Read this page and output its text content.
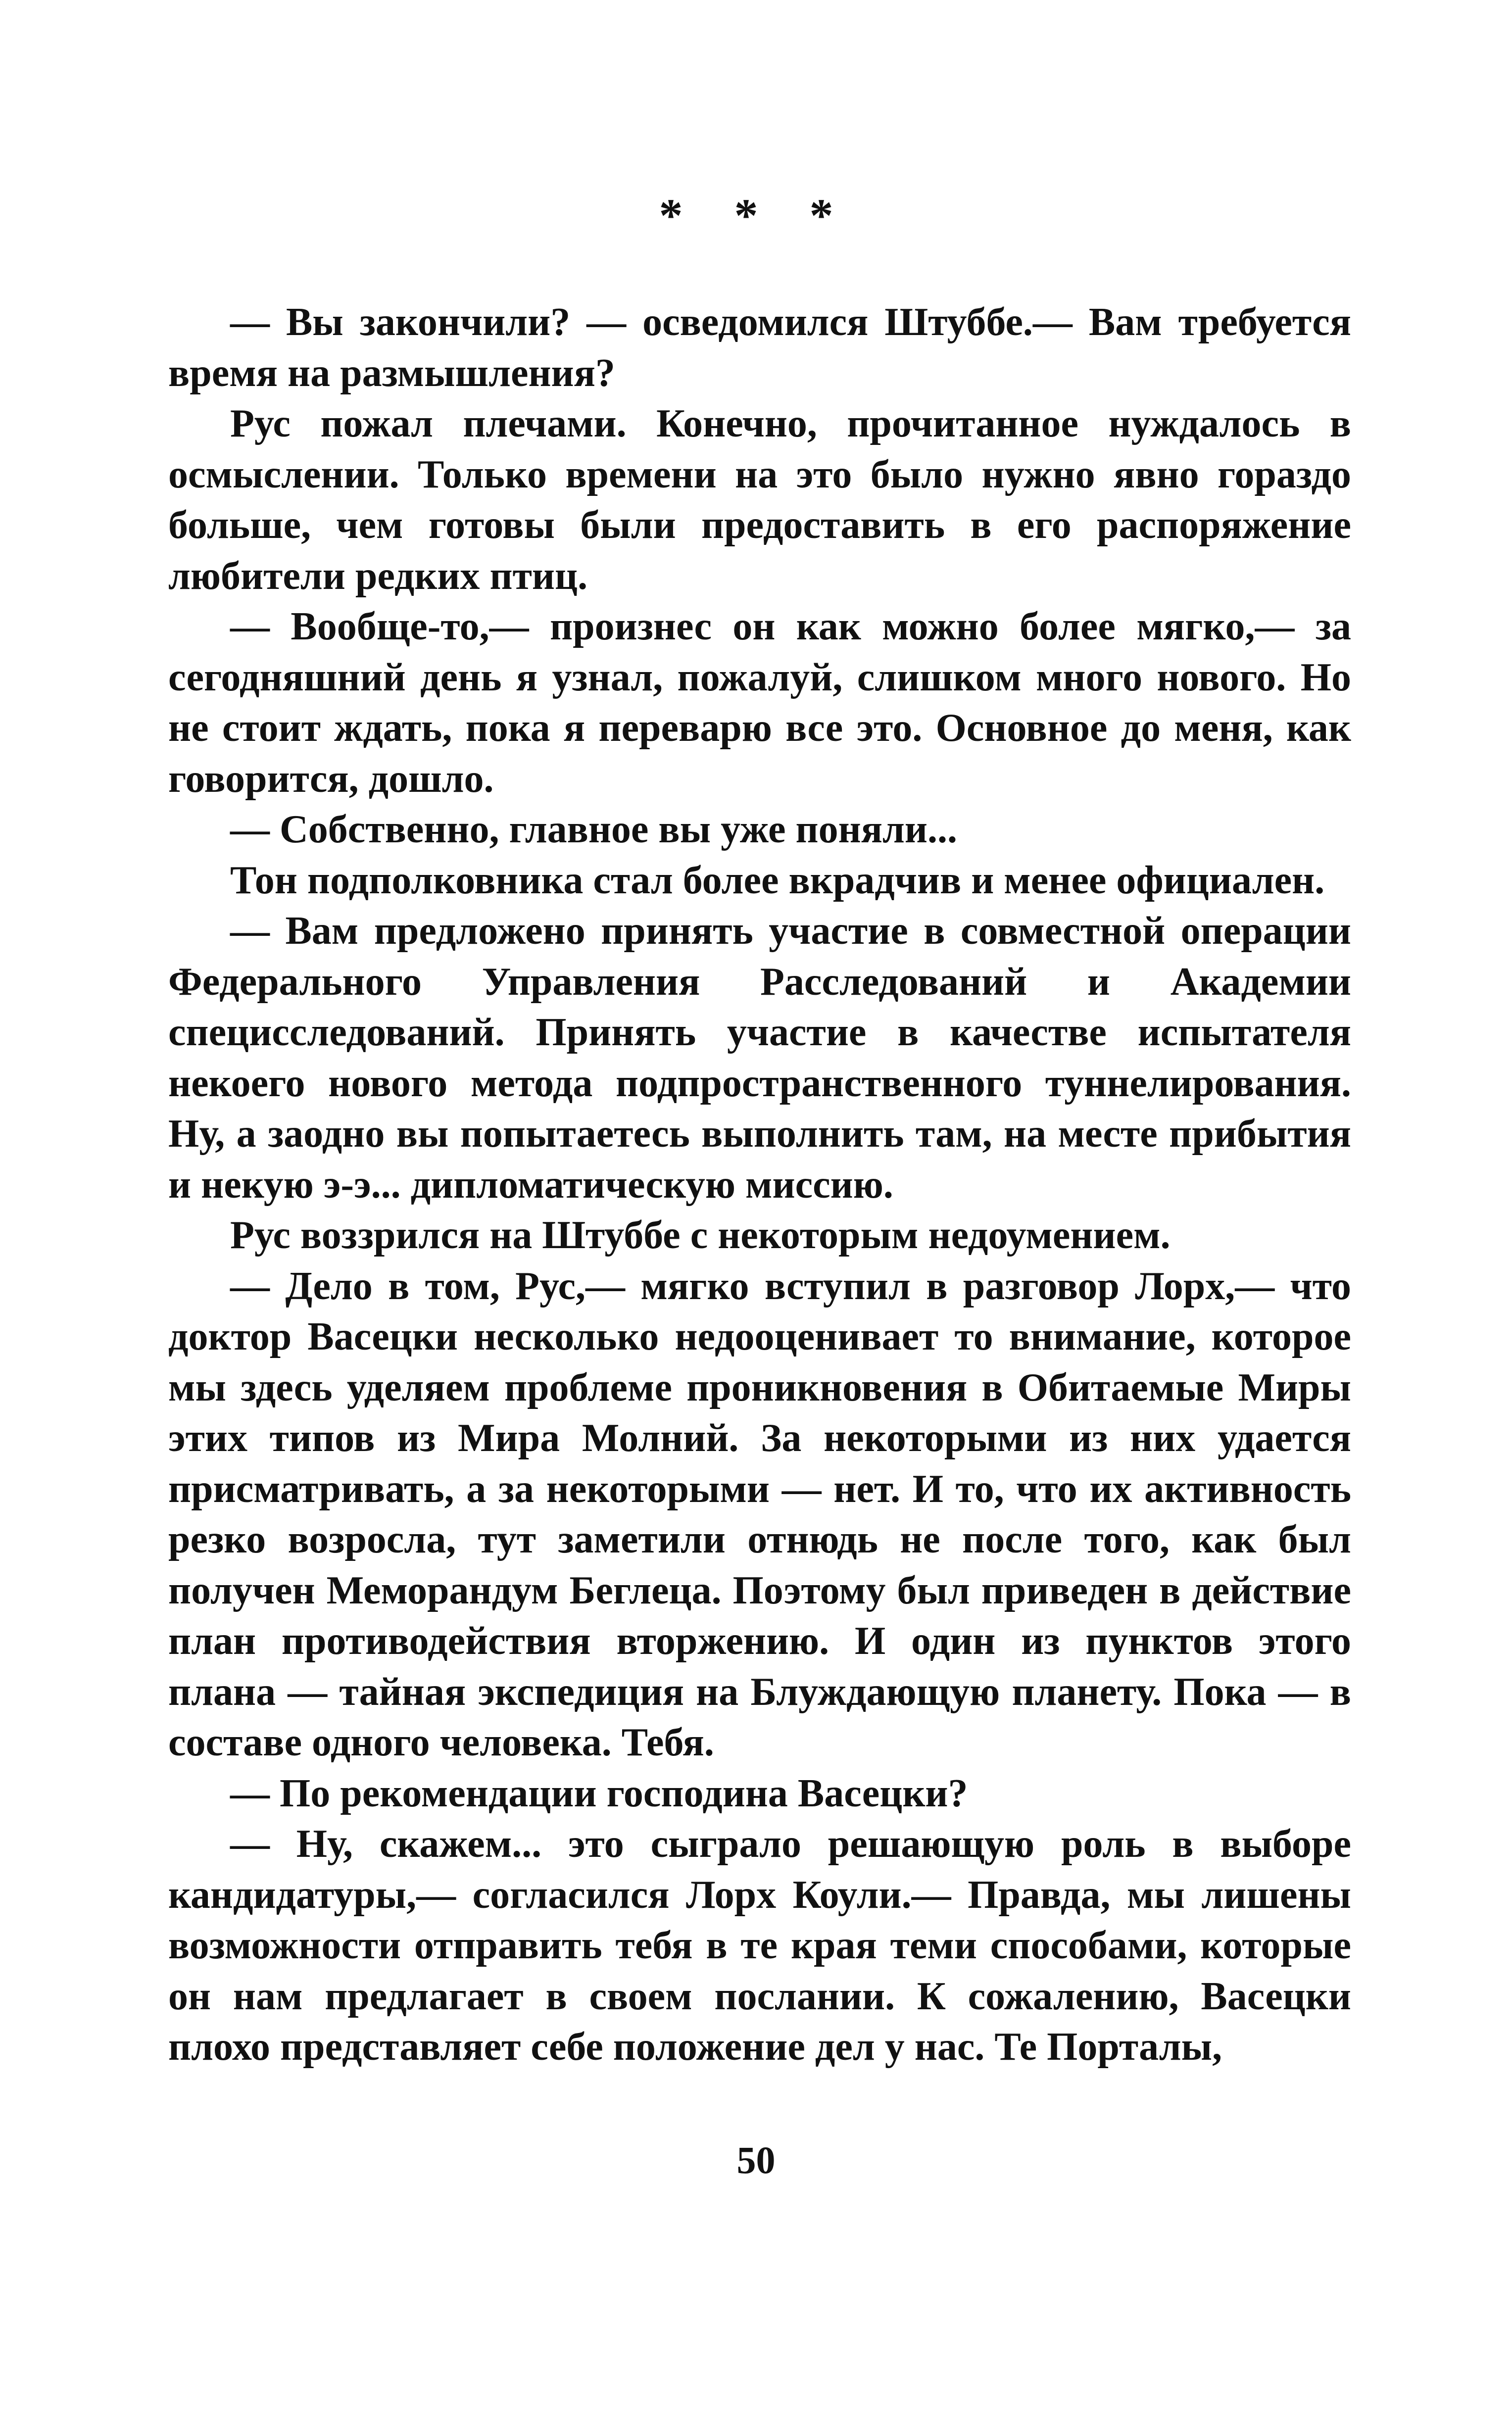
* * *

— Вы закончили? — осведомился Штуббе.— Вам требуется время на размышления?

Рус пожал плечами. Конечно, прочитанное нуждалось в осмыслении. Только времени на это было нужно явно гораздо больше, чем готовы были предоставить в его распоряжение любители редких птиц.

— Вообще-то,— произнес он как можно более мягко,— за сегодняшний день я узнал, пожалуй, слишком много нового. Но не стоит ждать, пока я переварю все это. Основное до меня, как говорится, дошло.

— Собственно, главное вы уже поняли...

Тон подполковника стал более вкрадчив и менее официален.

— Вам предложено принять участие в совместной операции Федерального Управления Расследований и Академии специсследований. Принять участие в качестве испытателя некоего нового метода подпространственного туннелирования. Ну, а заодно вы попытаетесь выполнить там, на месте прибытия и некую э-э... дипломатическую миссию.

Рус воззрился на Штуббе с некоторым недоумением.

— Дело в том, Рус,— мягко вступил в разговор Лорх,— что доктор Васецки несколько недооценивает то внимание, которое мы здесь уделяем проблеме проникновения в Обитаемые Миры этих типов из Мира Молний. За некоторыми из них удается присматривать, а за некоторыми — нет. И то, что их активность резко возросла, тут заметили отнюдь не после того, как был получен Меморандум Беглеца. Поэтому был приведен в действие план противодействия вторжению. И один из пунктов этого плана — тайная экспедиция на Блуждающую планету. Пока — в составе одного человека. Тебя.

— По рекомендации господина Васецки?

— Ну, скажем... это сыграло решающую роль в выборе кандидатуры,— согласился Лорх Коули.— Правда, мы лишены возможности отправить тебя в те края теми способами, которые он нам предлагает в своем послании. К сожалению, Васецки плохо представляет себе положение дел у нас. Те Порталы,

50
